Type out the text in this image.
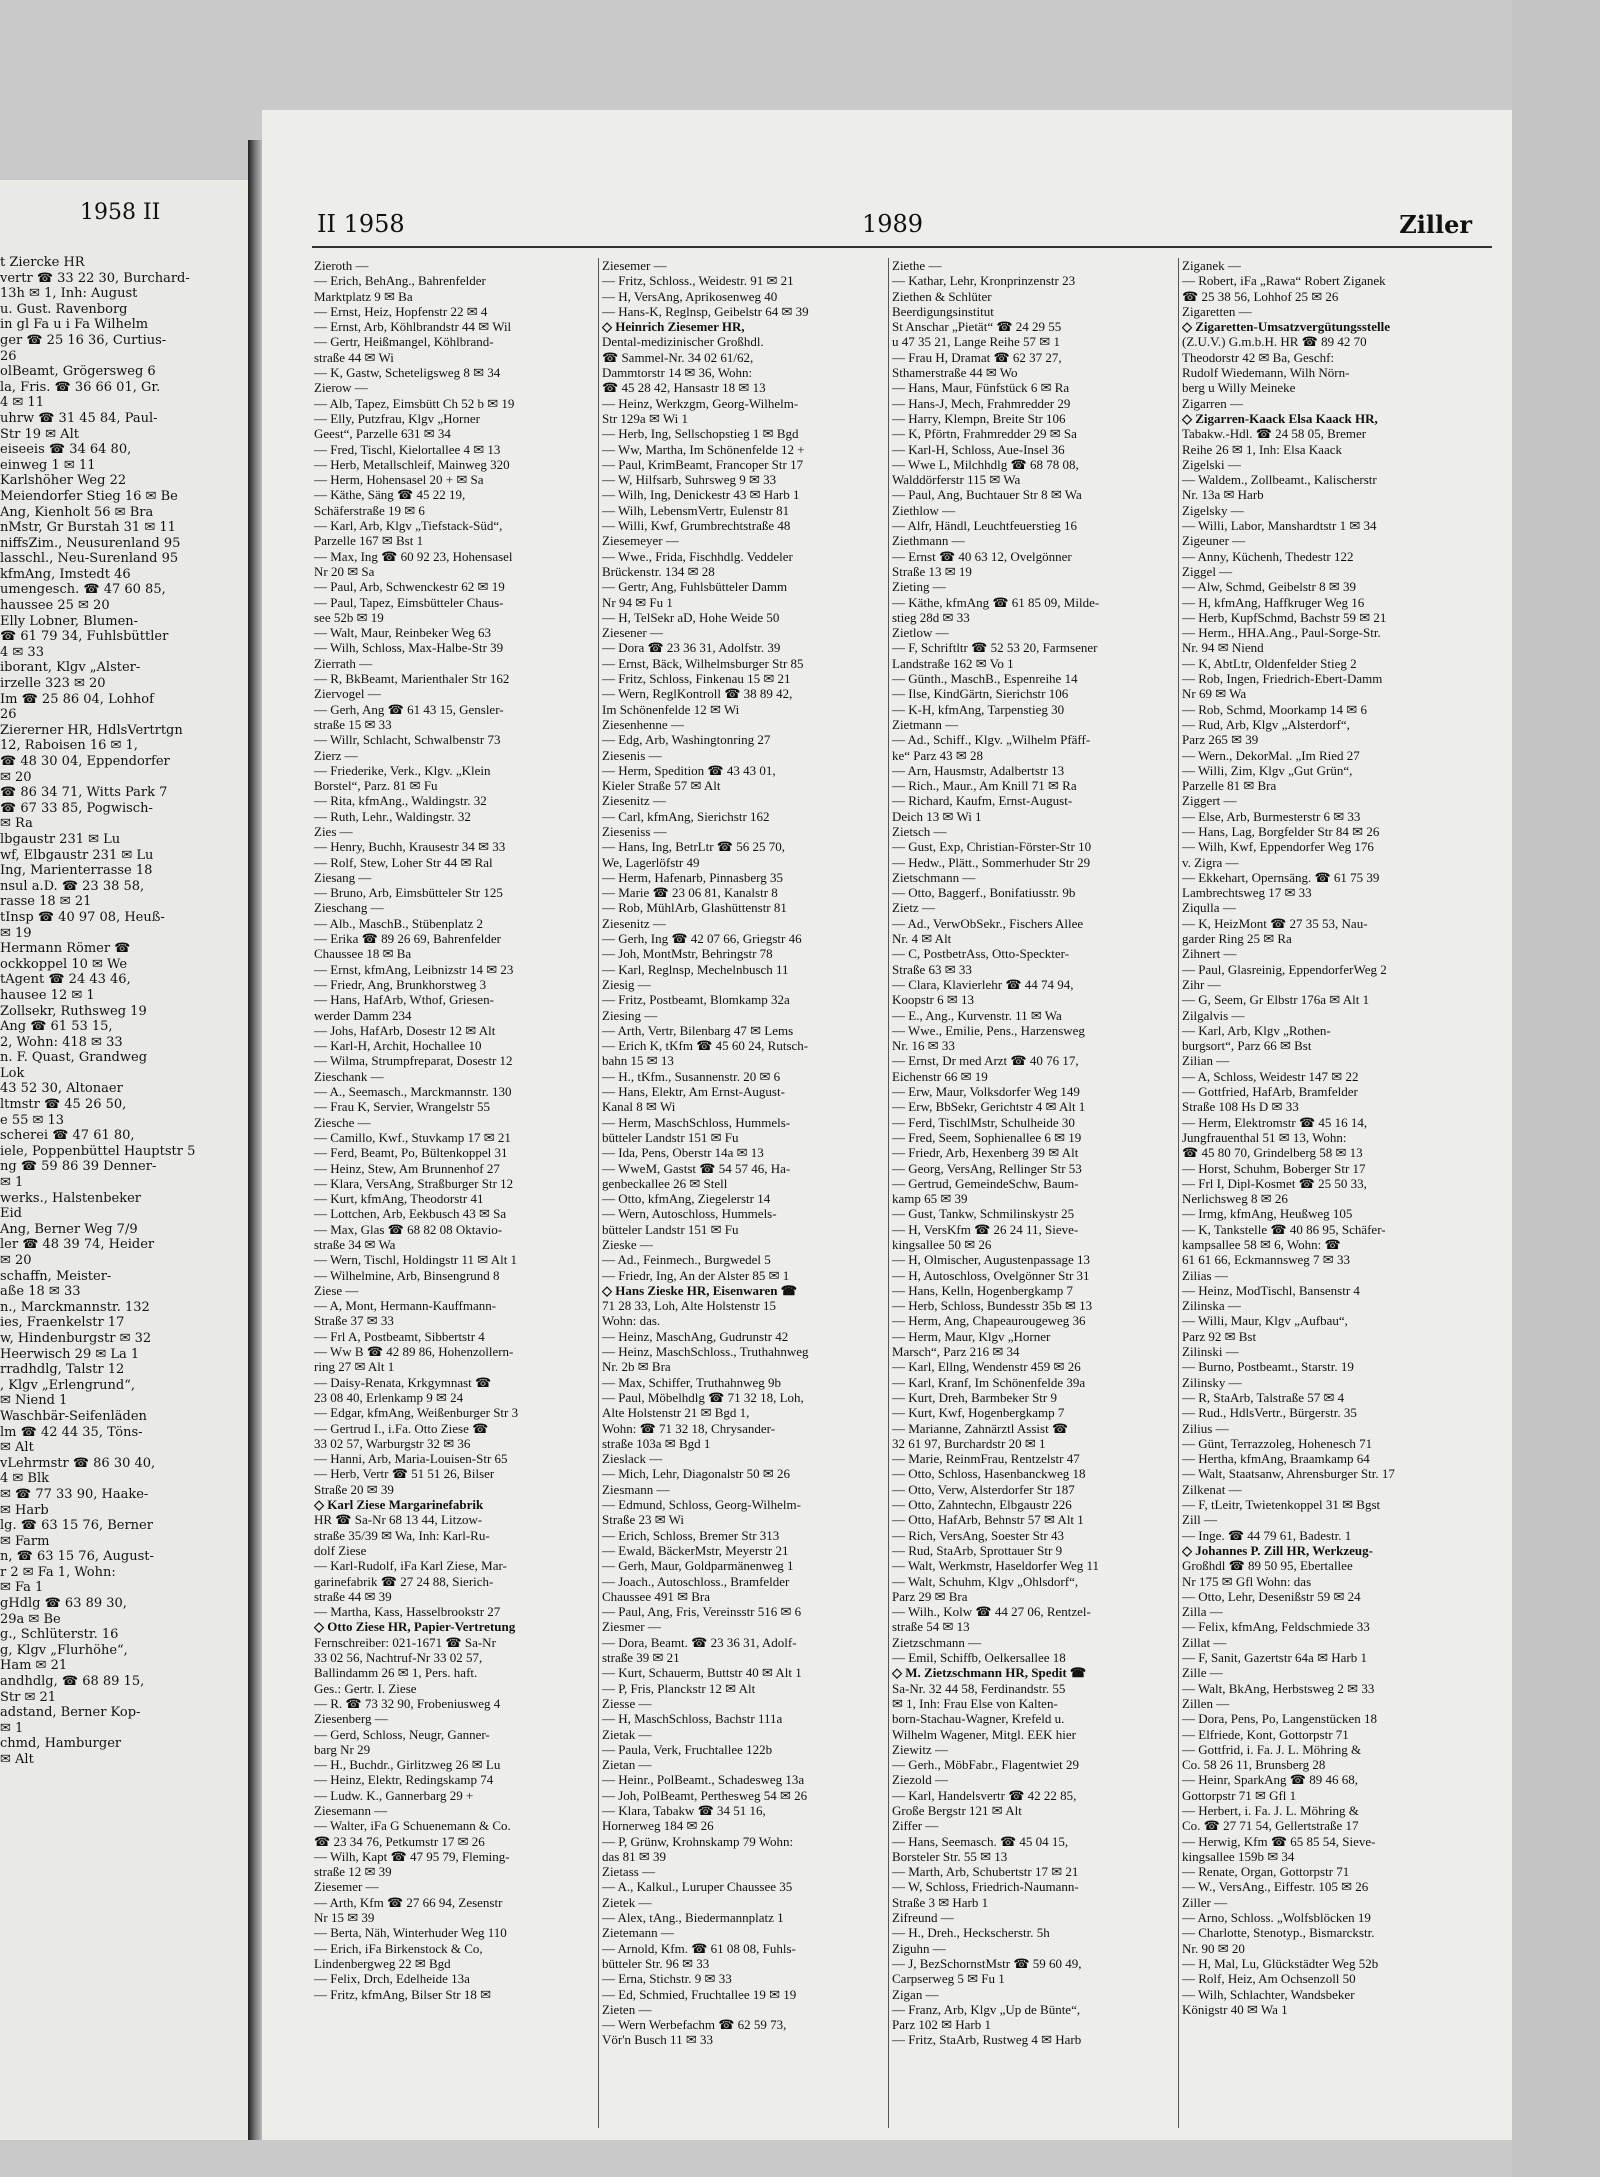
1958 II
t Ziercke HR
vertr ☎ 33 22 30, Burchard-
13h ✉ 1, Inh: August
u. Gust. Ravenborg
in gl Fa u i Fa Wilhelm
ger ☎ 25 16 36, Curtius-
26
olBeamt, Grögersweg 6
la, Fris. ☎ 36 66 01, Gr.
4 ✉ 11
uhrw ☎ 31 45 84, Paul-
Str 19 ✉ Alt
eiseeis ☎ 34 64 80,
einweg 1 ✉ 11
Karlshöher Weg 22
Meiendorfer Stieg 16 ✉ Be
Ang, Kienholt 56 ✉ Bra
nMstr, Gr Burstah 31 ✉ 11
niffsZim., Neusurenland 95
lasschl., Neu-Surenland 95
kfmAng, Imstedt 46
umengesch. ☎ 47 60 85,
haussee 25 ✉ 20
Elly Lobner, Blumen-
☎ 61 79 34, Fuhlsbüttler
4 ✉ 33
iborant, Klgv „Alster-
irzelle 323 ✉ 20
Im ☎ 25 86 04, Lohhof
26
Ziererner HR, HdlsVertrtgn
12, Raboisen 16 ✉ 1,
☎ 48 30 04, Eppendorfer
✉ 20
☎ 86 34 71, Witts Park 7
☎ 67 33 85, Pogwisch-
✉ Ra
lbgaustr 231 ✉ Lu
wf, Elbgaustr 231 ✉ Lu
Ing, Marienterrasse 18
nsul a.D. ☎ 23 38 58,
rasse 18 ✉ 21
tInsp ☎ 40 97 08, Heuß-
✉ 19
Hermann Römer ☎
ockkoppel 10 ✉ We
tAgent ☎ 24 43 46,
hausee 12 ✉ 1
Zollsekr, Ruthsweg 19
Ang ☎ 61 53 15,
2, Wohn: 418 ✉ 33
n. F. Quast, Grandweg
Lok
43 52 30, Altonaer
ltmstr ☎ 45 26 50,
e 55 ✉ 13
scherei ☎ 47 61 80,
iele, Poppenbüttel Hauptstr 5
ng ☎ 59 86 39 Denner-
✉ 1
werks., Halstenbeker
Eid
Ang, Berner Weg 7/9
ler ☎ 48 39 74, Heider
✉ 20
schaffn, Meister-
aße 18 ✉ 33
n., Marckmannstr. 132
ies, Fraenkelstr 17
w, Hindenburgstr ✉ 32
Heerwisch 29 ✉ La 1
rradhdlg, Talstr 12
, Klgv „Erlengrund“,
✉ Niend 1
Waschbär-Seifenläden
lm ☎ 42 44 35, Töns-
✉ Alt
vLehrmstr ☎ 86 30 40,
4 ✉ Blk
✉ ☎ 77 33 90, Haake-
✉ Harb
lg. ☎ 63 15 76, Berner
✉ Farm
n, ☎ 63 15 76, August-
r 2 ✉ Fa 1, Wohn:
✉ Fa 1
gHdlg ☎ 63 89 30,
29a ✉ Be
g., Schlüterstr. 16
g, Klgv „Flurhöhe“,
Ham ✉ 21
andhdlg, ☎ 68 89 15,
Str ✉ 21
adstand, Berner Kop-
✉ 1
chmd, Hamburger
✉ Alt
II 1958	1989	Ziller
Zieroth —
— Erich, BehAng., Bahrenfelder
Marktplatz 9 ✉ Ba
— Ernst, Heiz, Hopfenstr 22 ✉ 4
— Ernst, Arb, Köhlbrandstr 44 ✉ Wil
— Gertr, Heißmangel, Köhlbrand-
straße 44 ✉ Wi
— K, Gastw, Scheteligsweg 8 ✉ 34
Zierow —
— Alb, Tapez, Eimsbütt Ch 52 b ✉ 19
— Elly, Putzfrau, Klgv „Horner
Geest“, Parzelle 631 ✉ 34
— Fred, Tischl, Kielortallee 4 ✉ 13
— Herb, Metallschleif, Mainweg 320
— Herm, Hohensasel 20 + ✉ Sa
— Käthe, Säng ☎ 45 22 19,
Schäferstraße 19 ✉ 6
— Karl, Arb, Klgv „Tiefstack-Süd“,
Parzelle 167 ✉ Bst 1
— Max, Ing ☎ 60 92 23, Hohensasel
Nr 20 ✉ Sa
— Paul, Arb, Schwenckestr 62 ✉ 19
— Paul, Tapez, Eimsbütteler Chaus-
see 52b ✉ 19
— Walt, Maur, Reinbeker Weg 63
— Wilh, Schloss, Max-Halbe-Str 39
Zierrath —
— R, BkBeamt, Marienthaler Str 162
Ziervogel —
— Gerh, Ang ☎ 61 43 15, Gensler-
straße 15 ✉ 33
— Willr, Schlacht, Schwalbenstr 73
Zierz —
— Friederike, Verk., Klgv. „Klein
Borstel“, Parz. 81 ✉ Fu
— Rita, kfmAng., Waldingstr. 32
— Ruth, Lehr., Waldingstr. 32
Zies —
— Henry, Buchh, Krausestr 34 ✉ 33
— Rolf, Stew, Loher Str 44 ✉ Ral
Ziesang —
— Bruno, Arb, Eimsbütteler Str 125
Zieschang —
— Alb., MaschB., Stübenplatz 2
— Erika ☎ 89 26 69, Bahrenfelder
Chaussee 18 ✉ Ba
— Ernst, kfmAng, Leibnizstr 14 ✉ 23
— Friedr, Ang, Brunkhorstweg 3
— Hans, HafArb, Wthof, Griesen-
werder Damm 234
— Johs, HafArb, Dosestr 12 ✉ Alt
— Karl-H, Archit, Hochallee 10
— Wilma, Strumpfreparat, Dosestr 12
Zieschank —
— A., Seemasch., Marckmannstr. 130
— Frau K, Servier, Wrangelstr 55
Ziesche —
— Camillo, Kwf., Stuvkamp 17 ✉ 21
— Ferd, Beamt, Po, Bültenkoppel 31
— Heinz, Stew, Am Brunnenhof 27
— Klara, VersAng, Straßburger Str 12
— Kurt, kfmAng, Theodorstr 41
— Lottchen, Arb, Eekbusch 43 ✉ Sa
— Max, Glas ☎ 68 82 08 Oktavio-
straße 34 ✉ Wa
— Wern, Tischl, Holdingstr 11 ✉ Alt 1
— Wilhelmine, Arb, Binsengrund 8
Ziese —
— A, Mont, Hermann-Kauffmann-
Straße 37 ✉ 33
— Frl A, Postbeamt, Sibbertstr 4
— Ww B ☎ 42 89 86, Hohenzollern-
ring 27 ✉ Alt 1
— Daisy-Renata, Krkgymnast ☎
23 08 40, Erlenkamp 9 ✉ 24
— Edgar, kfmAng, Weißenburger Str 3
— Gertrud I., i.Fa. Otto Ziese ☎
33 02 57, Warburgstr 32 ✉ 36
— Hanni, Arb, Maria-Louisen-Str 65
— Herb, Vertr ☎ 51 51 26, Bilser
Straße 20 ✉ 39
◇ Karl Ziese Margarinefabrik
HR ☎ Sa-Nr 68 13 44, Litzow-
straße 35/39 ✉ Wa, Inh: Karl-Ru-
dolf Ziese
— Karl-Rudolf, iFa Karl Ziese, Mar-
garinefabrik ☎ 27 24 88, Sierich-
straße 44 ✉ 39
— Martha, Kass, Hasselbrookstr 27
◇ Otto Ziese HR, Papier-Vertretung
Fernschreiber: 021-1671 ☎ Sa-Nr
33 02 56, Nachtruf-Nr 33 02 57,
Ballindamm 26 ✉ 1, Pers. haft.
Ges.: Gertr. I. Ziese
— R. ☎ 73 32 90, Frobeniusweg 4
Ziesenberg —
— Gerd, Schloss, Neugr, Ganner-
barg Nr 29
— H., Buchdr., Girlitzweg 26 ✉ Lu
— Heinz, Elektr, Redingskamp 74
— Ludw. K., Gannerbarg 29 +
Ziesemann —
— Walter, iFa G Schuenemann & Co.
☎ 23 34 76, Petkumstr 17 ✉ 26
— Wilh, Kapt ☎ 47 95 79, Fleming-
straße 12 ✉ 39
Ziesemer —
— Arth, Kfm ☎ 27 66 94, Zesenstr
Nr 15 ✉ 39
— Berta, Näh, Winterhuder Weg 110
— Erich, iFa Birkenstock & Co,
Lindenbergweg 22 ✉ Bgd
— Felix, Drch, Edelheide 13a
— Fritz, kfmAng, Bilser Str 18 ✉
Ziesemer —
— Fritz, Schloss., Weidestr. 91 ✉ 21
— H, VersAng, Aprikosenweg 40
— Hans-K, Reglnsp, Geibelstr 64 ✉ 39
◇ Heinrich Ziesemer HR,
Dental-medizinischer Großhdl.
☎ Sammel-Nr. 34 02 61/62,
Dammtorstr 14 ✉ 36, Wohn:
☎ 45 28 42, Hansastr 18 ✉ 13
— Heinz, Werkzgm, Georg-Wilhelm-
Str 129a ✉ Wi 1
— Herb, Ing, Sellschopstieg 1 ✉ Bgd
— Ww, Martha, Im Schönenfelde 12 +
— Paul, KrimBeamt, Francoper Str 17
— W, Hilfsarb, Suhrsweg 9 ✉ 33
— Wilh, Ing, Denickestr 43 ✉ Harb 1
— Wilh, LebensmVertr, Eulenstr 81
— Willi, Kwf, Grumbrechtstraße 48
Ziesemeyer —
— Wwe., Frida, Fischhdlg. Veddeler
Brückenstr. 134 ✉ 28
— Gertr, Ang, Fuhlsbütteler Damm
Nr 94 ✉ Fu 1
— H, TelSekr aD, Hohe Weide 50
Ziesener —
— Dora ☎ 23 36 31, Adolfstr. 39
— Ernst, Bäck, Wilhelmsburger Str 85
— Fritz, Schloss, Finkenau 15 ✉ 21
— Wern, ReglKontroll ☎ 38 89 42,
Im Schönenfelde 12 ✉ Wi
Ziesenhenne —
— Edg, Arb, Washingtonring 27
Ziesenis —
— Herm, Spedition ☎ 43 43 01,
Kieler Straße 57 ✉ Alt
Ziesenitz —
— Carl, kfmAng, Sierichstr 162
Zieseniss —
— Hans, Ing, BetrLtr ☎ 56 25 70,
We, Lagerlöfstr 49
— Herm, Hafenarb, Pinnasberg 35
— Marie ☎ 23 06 81, Kanalstr 8
— Rob, MühlArb, Glashüttenstr 81
Ziesenitz —
— Gerh, Ing ☎ 42 07 66, Griegstr 46
— Joh, MontMstr, Behringstr 78
— Karl, Reglnsp, Mechelnbusch 11
Ziesig —
— Fritz, Postbeamt, Blomkamp 32a
Ziesing —
— Arth, Vertr, Bilenbarg 47 ✉ Lems
— Erich K, tKfm ☎ 45 60 24, Rutsch-
bahn 15 ✉ 13
— H., tKfm., Susannenstr. 20 ✉ 6
— Hans, Elektr, Am Ernst-August-
Kanal 8 ✉ Wi
— Herm, MaschSchloss, Hummels-
bütteler Landstr 151 ✉ Fu
— Ida, Pens, Oberstr 14a ✉ 13
— WweM, Gastst ☎ 54 57 46, Ha-
genbeckallee 26 ✉ Stell
— Otto, kfmAng, Ziegelerstr 14
— Wern, Autoschloss, Hummels-
bütteler Landstr 151 ✉ Fu
Zieske —
— Ad., Feinmech., Burgwedel 5
— Friedr, Ing, An der Alster 85 ✉ 1
◇ Hans Zieske HR, Eisenwaren ☎
71 28 33, Loh, Alte Holstenstr 15
Wohn: das.
— Heinz, MaschAng, Gudrunstr 42
— Heinz, MaschSchloss., Truthahnweg
Nr. 2b ✉ Bra
— Max, Schiffer, Truthahnweg 9b
— Paul, Möbelhdlg ☎ 71 32 18, Loh,
Alte Holstenstr 21 ✉ Bgd 1,
Wohn: ☎ 71 32 18, Chrysander-
straße 103a ✉ Bgd 1
Zieslack —
— Mich, Lehr, Diagonalstr 50 ✉ 26
Ziesmann —
— Edmund, Schloss, Georg-Wilhelm-
Straße 23 ✉ Wi
— Erich, Schloss, Bremer Str 313
— Ewald, BäckerMstr, Meyerstr 21
— Gerh, Maur, Goldparmänenweg 1
— Joach., Autoschloss., Bramfelder
Chaussee 491 ✉ Bra
— Paul, Ang, Fris, Vereinsstr 516 ✉ 6
Ziesmer —
— Dora, Beamt. ☎ 23 36 31, Adolf-
straße 39 ✉ 21
— Kurt, Schauerm, Buttstr 40 ✉ Alt 1
— P, Fris, Planckstr 12 ✉ Alt
Ziesse —
— H, MaschSchloss, Bachstr 111a
Zietak —
— Paula, Verk, Fruchtallee 122b
Zietan —
— Heinr., PolBeamt., Schadesweg 13a
— Joh, PolBeamt, Perthesweg 54 ✉ 26
— Klara, Tabakw ☎ 34 51 16,
Hornerweg 184 ✉ 26
— P, Grünw, Krohnskamp 79 Wohn:
das 81 ✉ 39
Zietass —
— A., Kalkul., Luruper Chaussee 35
Zietek —
— Alex, tAng., Biedermannplatz 1
Zietemann —
— Arnold, Kfm. ☎ 61 08 08, Fuhls-
bütteler Str. 96 ✉ 33
— Erna, Stichstr. 9 ✉ 33
— Ed, Schmied, Fruchtallee 19 ✉ 19
Zieten —
— Wern Werbefachm ☎ 62 59 73,
Vör'n Busch 11 ✉ 33
Ziethe —
— Kathar, Lehr, Kronprinzenstr 23
Ziethen & Schlüter
Beerdigungsinstitut
St Anschar „Pietät“ ☎ 24 29 55
u 47 35 21, Lange Reihe 57 ✉ 1
— Frau H, Dramat ☎ 62 37 27,
Sthamerstraße 44 ✉ Wo
— Hans, Maur, Fünfstück 6 ✉ Ra
— Hans-J, Mech, Frahmredder 29
— Harry, Klempn, Breite Str 106
— K, Pförtn, Frahmredder 29 ✉ Sa
— Karl-H, Schloss, Aue-Insel 36
— Wwe L, Milchhdlg ☎ 68 78 08,
Walddörferstr 115 ✉ Wa
— Paul, Ang, Buchtauer Str 8 ✉ Wa
Ziethlow —
— Alfr, Händl, Leuchtfeuerstieg 16
Ziethmann —
— Ernst ☎ 40 63 12, Ovelgönner
Straße 13 ✉ 19
Zieting —
— Käthe, kfmAng ☎ 61 85 09, Milde-
stieg 28d ✉ 33
Zietlow —
— F, Schriftltr ☎ 52 53 20, Farmsener
Landstraße 162 ✉ Vo 1
— Günth., MaschB., Espenreihe 14
— Ilse, KindGärtn, Sierichstr 106
— K-H, kfmAng, Tarpenstieg 30
Zietmann —
— Ad., Schiff., Klgv. „Wilhelm Pfäff-
ke“ Parz 43 ✉ 28
— Arn, Hausmstr, Adalbertstr 13
— Rich., Maur., Am Knill 71 ✉ Ra
— Richard, Kaufm, Ernst-August-
Deich 13 ✉ Wi 1
Zietsch —
— Gust, Exp, Christian-Förster-Str 10
— Hedw., Plätt., Sommerhuder Str 29
Zietschmann —
— Otto, Baggerf., Bonifatiusstr. 9b
Zietz —
— Ad., VerwObSekr., Fischers Allee
Nr. 4 ✉ Alt
— C, PostbetrAss, Otto-Speckter-
Straße 63 ✉ 33
— Clara, Klavierlehr ☎ 44 74 94,
Koopstr 6 ✉ 13
— E., Ang., Kurvenstr. 11 ✉ Wa
— Wwe., Emilie, Pens., Harzensweg
Nr. 16 ✉ 33
— Ernst, Dr med Arzt ☎ 40 76 17,
Eichenstr 66 ✉ 19
— Erw, Maur, Volksdorfer Weg 149
— Erw, BbSekr, Gerichtstr 4 ✉ Alt 1
— Ferd, TischlMstr, Schulheide 30
— Fred, Seem, Sophienallee 6 ✉ 19
— Friedr, Arb, Hexenberg 39 ✉ Alt
— Georg, VersAng, Rellinger Str 53
— Gertrud, GemeindeSchw, Baum-
kamp 65 ✉ 39
— Gust, Tankw, Schmilinskystr 25
— H, VersKfm ☎ 26 24 11, Sieve-
kingsallee 50 ✉ 26
— H, Olmischer, Augustenpassage 13
— H, Autoschloss, Ovelgönner Str 31
— Hans, Kelln, Hogenbergkamp 7
— Herb, Schloss, Bundesstr 35b ✉ 13
— Herm, Ang, Chapeaurougeweg 36
— Herm, Maur, Klgv „Horner
Marsch“, Parz 216 ✉ 34
— Karl, Ellng, Wendenstr 459 ✉ 26
— Karl, Kranf, Im Schönenfelde 39a
— Kurt, Dreh, Barmbeker Str 9
— Kurt, Kwf, Hogenbergkamp 7
— Marianne, Zahnärztl Assist ☎
32 61 97, Burchardstr 20 ✉ 1
— Marie, ReinmFrau, Rentzelstr 47
— Otto, Schloss, Hasenbanckweg 18
— Otto, Verw, Alsterdorfer Str 187
— Otto, Zahntechn, Elbgaustr 226
— Otto, HafArb, Behnstr 57 ✉ Alt 1
— Rich, VersAng, Soester Str 43
— Rud, StaArb, Sprottauer Str 9
— Walt, Werkmstr, Haseldorfer Weg 11
— Walt, Schuhm, Klgv „Ohlsdorf“,
Parz 29 ✉ Bra
— Wilh., Kolw ☎ 44 27 06, Rentzel-
straße 54 ✉ 13
Zietzschmann —
— Emil, Schiffb, Oelkersallee 18
◇ M. Zietzschmann HR, Spedit ☎
Sa-Nr. 32 44 58, Ferdinandstr. 55
✉ 1, Inh: Frau Else von Kalten-
born-Stachau-Wagner, Krefeld u.
Wilhelm Wagener, Mitgl. EEK hier
Ziewitz —
— Gerh., MöbFabr., Flagentwiet 29
Ziezold —
— Karl, Handelsvertr ☎ 42 22 85,
Große Bergstr 121 ✉ Alt
Ziffer —
— Hans, Seemasch. ☎ 45 04 15,
Borsteler Str. 55 ✉ 13
— Marth, Arb, Schubertstr 17 ✉ 21
— W, Schloss, Friedrich-Naumann-
Straße 3 ✉ Harb 1
Zifreund —
— H., Dreh., Heckscherstr. 5h
Ziguhn —
— J, BezSchornstMstr ☎ 59 60 49,
Carpserweg 5 ✉ Fu 1
Zigan —
— Franz, Arb, Klgv „Up de Bünte“,
Parz 102 ✉ Harb 1
— Fritz, StaArb, Rustweg 4 ✉ Harb
Ziganek —
— Robert, iFa „Rawa“ Robert Ziganek
☎ 25 38 56, Lohhof 25 ✉ 26
Zigaretten —
◇ Zigaretten-Umsatzvergütungsstelle
(Z.U.V.) G.m.b.H. HR ☎ 89 42 70
Theodorstr 42 ✉ Ba, Geschf:
Rudolf Wiedemann, Wilh Nörn-
berg u Willy Meineke
Zigarren —
◇ Zigarren-Kaack Elsa Kaack HR,
Tabakw.-Hdl. ☎ 24 58 05, Bremer
Reihe 26 ✉ 1, Inh: Elsa Kaack
Zigelski —
— Waldem., Zollbeamt., Kalischerstr
Nr. 13a ✉ Harb
Zigelsky —
— Willi, Labor, Manshardtstr 1 ✉ 34
Zigeuner —
— Anny, Küchenh, Thedestr 122
Ziggel —
— Alw, Schmd, Geibelstr 8 ✉ 39
— H, kfmAng, Haffkruger Weg 16
— Herb, KupfSchmd, Bachstr 59 ✉ 21
— Herm., HHA.Ang., Paul-Sorge-Str.
Nr. 94 ✉ Niend
— K, AbtLtr, Oldenfelder Stieg 2
— Rob, Ingen, Friedrich-Ebert-Damm
Nr 69 ✉ Wa
— Rob, Schmd, Moorkamp 14 ✉ 6
— Rud, Arb, Klgv „Alsterdorf“,
Parz 265 ✉ 39
— Wern., DekorMal. „Im Ried 27
— Willi, Zim, Klgv „Gut Grün“,
Parzelle 81 ✉ Bra
Ziggert —
— Else, Arb, Burmesterstr 6 ✉ 33
— Hans, Lag, Borgfelder Str 84 ✉ 26
— Wilh, Kwf, Eppendorfer Weg 176
v. Zigra —
— Ekkehart, Opernsäng. ☎ 61 75 39
Lambrechtsweg 17 ✉ 33
Ziqulla —
— K, HeizMont ☎ 27 35 53, Nau-
garder Ring 25 ✉ Ra
Zihnert —
— Paul, Glasreinig, EppendorferWeg 2
Zihr —
— G, Seem, Gr Elbstr 176a ✉ Alt 1
Zilgalvis —
— Karl, Arb, Klgv „Rothen-
burgsort“, Parz 66 ✉ Bst
Zilian —
— A, Schloss, Weidestr 147 ✉ 22
— Gottfried, HafArb, Bramfelder
Straße 108 Hs D ✉ 33
— Herm, Elektromstr ☎ 45 16 14,
Jungfrauenthal 51 ✉ 13, Wohn:
☎ 45 80 70, Grindelberg 58 ✉ 13
— Horst, Schuhm, Boberger Str 17
— Frl I, Dipl-Kosmet ☎ 25 50 33,
Nerlichsweg 8 ✉ 26
— Irmg, kfmAng, Heußweg 105
— K, Tankstelle ☎ 40 86 95, Schäfer-
kampsallee 58 ✉ 6, Wohn: ☎
61 61 66, Eckmannsweg 7 ✉ 33
Zilias —
— Heinz, ModTischl, Bansenstr 4
Zilinska —
— Willi, Maur, Klgv „Aufbau“,
Parz 92 ✉ Bst
Zilinski —
— Burno, Postbeamt., Starstr. 19
Zilinsky —
— R, StaArb, Talstraße 57 ✉ 4
— Rud., HdlsVertr., Bürgerstr. 35
Zilius —
— Günt, Terrazzoleg, Hohenesch 71
— Hertha, kfmAng, Braamkamp 64
— Walt, Staatsanw, Ahrensburger Str. 17
Zilkenat —
— F, tLeitr, Twietenkoppel 31 ✉ Bgst
Zill —
— Inge. ☎ 44 79 61, Badestr. 1
◇ Johannes P. Zill HR, Werkzeug-
Großhdl ☎ 89 50 95, Ebertallee
Nr 175 ✉ Gfl Wohn: das
— Otto, Lehr, Desenißstr 59 ✉ 24
Zilla —
— Felix, kfmAng, Feldschmiede 33
Zillat —
— F, Sanit, Gazertstr 64a ✉ Harb 1
Zille —
— Walt, BkAng, Herbstsweg 2 ✉ 33
Zillen —
— Dora, Pens, Po, Langenstücken 18
— Elfriede, Kont, Gottorpstr 71
— Gottfrid, i. Fa. J. L. Möhring &
Co. 58 26 11, Brunsberg 28
— Heinr, SparkAng ☎ 89 46 68,
Gottorpstr 71 ✉ Gfl 1
— Herbert, i. Fa. J. L. Möhring &
Co. ☎ 27 71 54, Gellertstraße 17
— Herwig, Kfm ☎ 65 85 54, Sieve-
kingsallee 159b ✉ 34
— Renate, Organ, Gottorpstr 71
— W., VersAng., Eiffestr. 105 ✉ 26
Ziller —
— Arno, Schloss. „Wolfsblöcken 19
— Charlotte, Stenotyp., Bismarckstr.
Nr. 90 ✉ 20
— H, Mal, Lu, Glückstädter Weg 52b
— Rolf, Heiz, Am Ochsenzoll 50
— Wilh, Schlachter, Wandsbeker
Königstr 40 ✉ Wa 1
